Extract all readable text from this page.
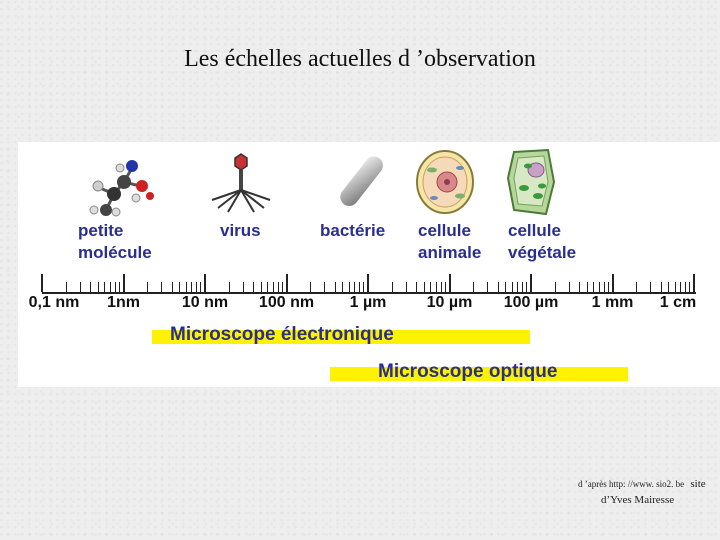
Les échelles actuelles d ’observation
petite
molécule
virus	bactérie cellule
animale
cellule
végétale
0,1 nm 1nm	10 nm 100 nm 1 µm	10 µm 100 µm 1 mm 1 cm
Microscope électronique
Microscope optique
d ’après http: //www. sio2. be site
d’Yves Mairesse
